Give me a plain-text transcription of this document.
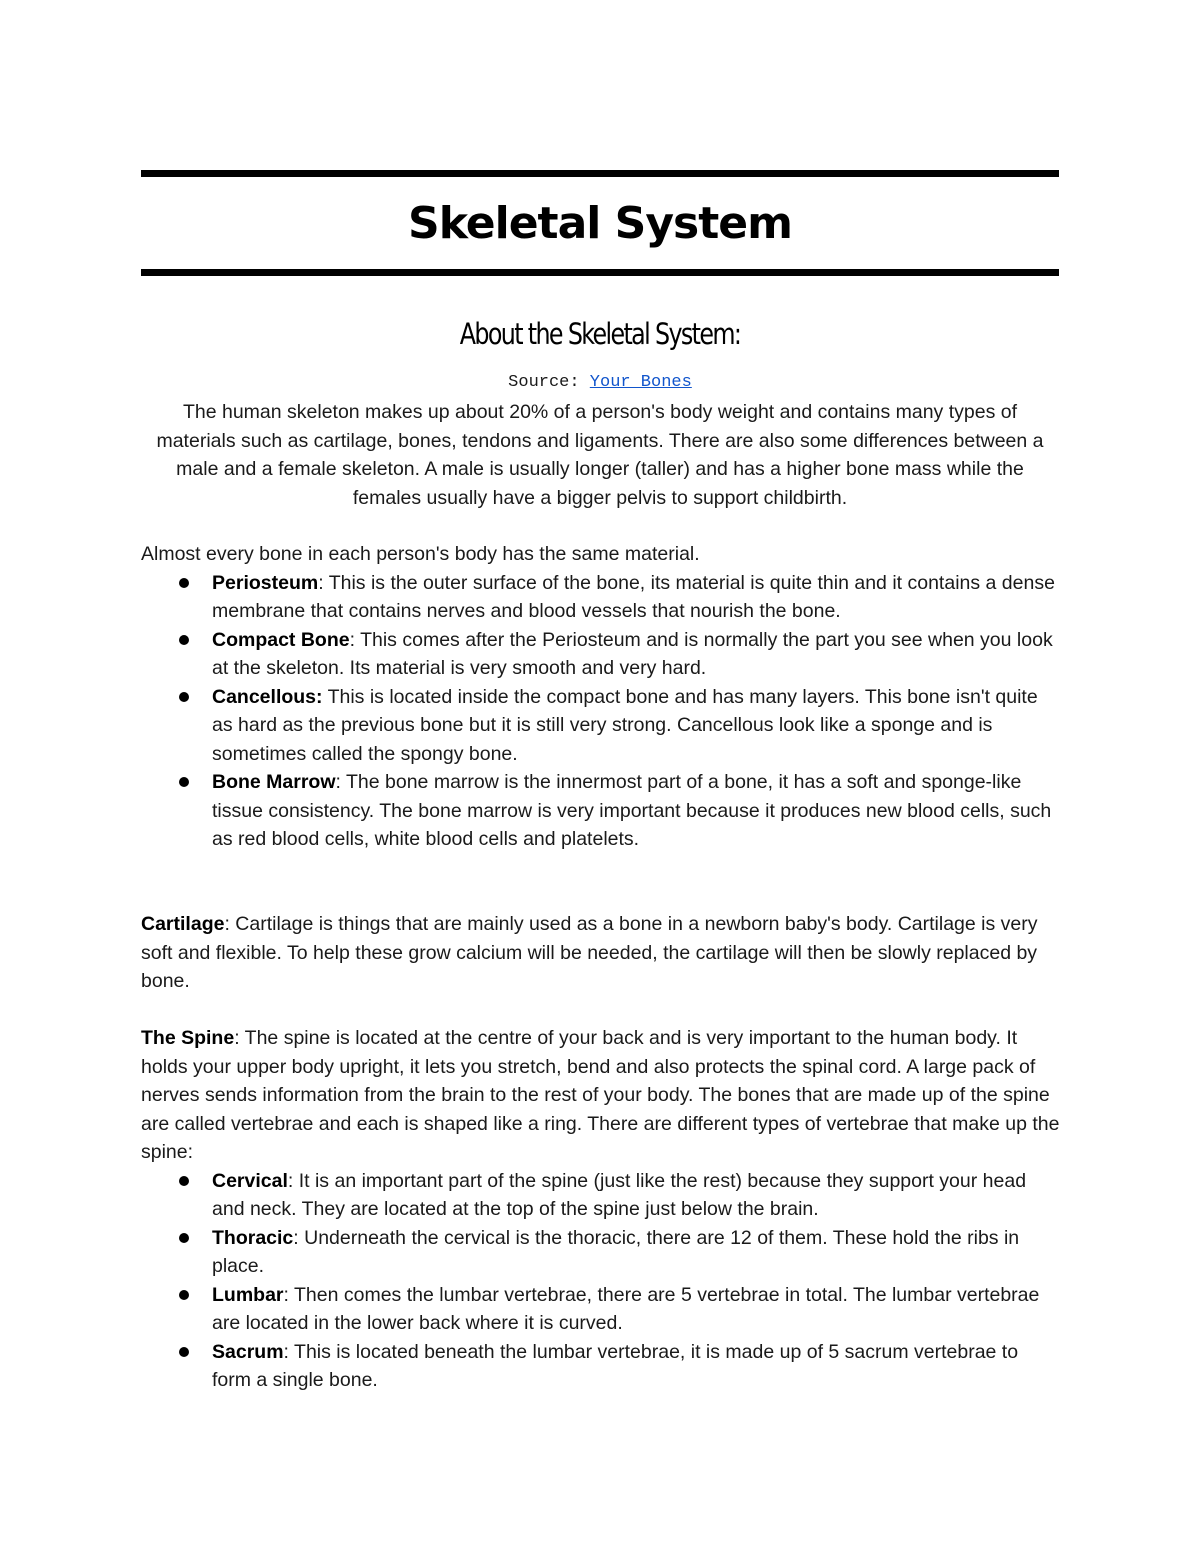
Skeletal System
About the Skeletal System:
Source: Your Bones
The human skeleton makes up about 20% of a person's body weight and contains many types of materials such as cartilage, bones, tendons and ligaments. There are also some differences between a male and a female skeleton. A male is usually longer (taller) and has a higher bone mass while the females usually have a bigger pelvis to support childbirth.

Almost every bone in each person's body has the same material.

Periosteum: This is the outer surface of the bone, its material is quite thin and it contains a dense membrane that contains nerves and blood vessels that nourish the bone.
Compact Bone: This comes after the Periosteum and is normally the part you see when you look at the skeleton. Its material is very smooth and very hard.
Cancellous: This is located inside the compact bone and has many layers. This bone isn't quite as hard as the previous bone but it is still very strong. Cancellous look like a sponge and is sometimes called the spongy bone.
Bone Marrow: The bone marrow is the innermost part of a bone, it has a soft and sponge-like tissue consistency. The bone marrow is very important because it produces new blood cells, such as red blood cells, white blood cells and platelets.

Cartilage: Cartilage is things that are mainly used as a bone in a newborn baby's body. Cartilage is very soft and flexible. To help these grow calcium will be needed, the cartilage will then be slowly replaced by bone.

The Spine: The spine is located at the centre of your back and is very important to the human body. It holds your upper body upright, it lets you stretch, bend and also protects the spinal cord. A large pack of nerves sends information from the brain to the rest of your body. The bones that are made up of the spine are called vertebrae and each is shaped like a ring. There are different types of vertebrae that make up the spine:

Cervical: It is an important part of the spine (just like the rest) because they support your head and neck. They are located at the top of the spine just below the brain.
Thoracic: Underneath the cervical is the thoracic, there are 12 of them. These hold the ribs in place.
Lumbar: Then comes the lumbar vertebrae, there are 5 vertebrae in total. The lumbar vertebrae are located in the lower back where it is curved.
Sacrum: This is located beneath the lumbar vertebrae, it is made up of 5 sacrum vertebrae to form a single bone.
